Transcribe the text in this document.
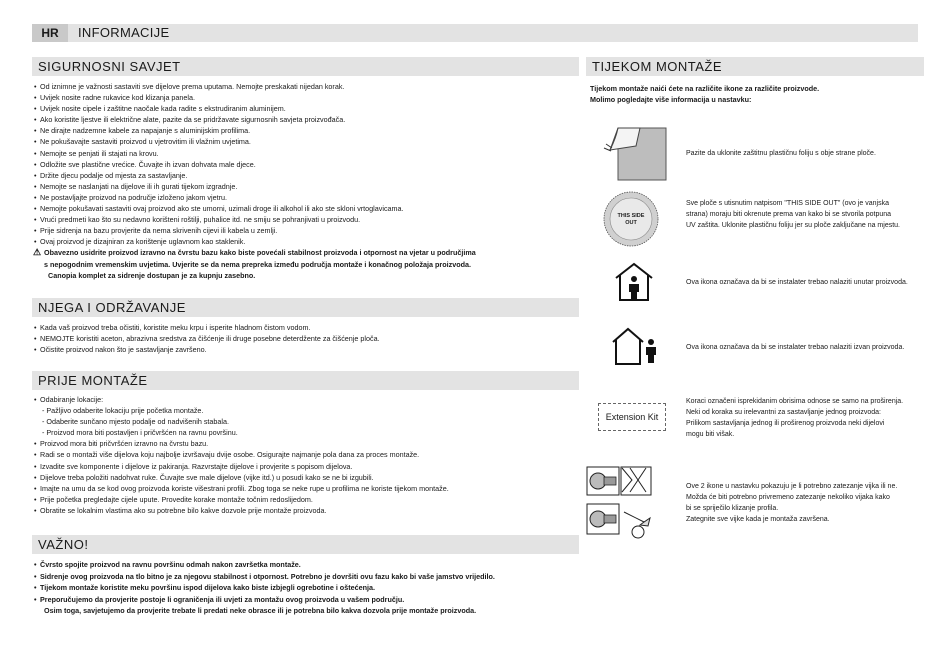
HR	INFORMACIJE
SIGURNOSNI SAVJET
• Od iznimne je važnosti sastaviti sve dijelove prema uputama. Nemojte preskakati nijedan korak.
• Uvijek nosite radne rukavice kod klizanja panela.
• Uvijek nosite cipele i zaštitne naočale kada radite s ekstrudiranim aluminijem.
• Ako koristite ljestve ili električne alate, pazite da se pridržavate sigurnosnih savjeta proizvođača.
• Ne dirajte nadzemne kabele za napajanje s aluminijskim profilima.
• Ne pokušavajte sastaviti proizvod u vjetrovitim ili vlažnim uvjetima.
• Nemojte se penjati ili stajati na krovu.
• Odložite sve plastične vrećice. Čuvajte ih izvan dohvata male djece.
• Držite djecu podalje od mjesta za sastavljanje.
• Nemojte se naslanjati na dijelove ili ih gurati tijekom izgradnje.
• Ne postavljajte proizvod na područje izloženo jakom vjetru.
• Nemojte pokušavati sastaviti ovaj proizvod ako ste umorni, uzimali droge ili alkohol ili ako ste skloni vrtoglavicama.
• Vrući predmeti kao što su nedavno korišteni roštilji, puhalice itd. ne smiju se pohranjivati u proizvodu.
• Prije sidrenja na bazu provjerite da nema skrivenih cijevi ili kabela u zemlji.
• Ovaj proizvod je dizajniran za korištenje uglavnom kao staklenik.
⚠ Obavezno usidrite proizvod izravno na čvrstu bazu kako biste povećali stabilnost proizvoda i otpornost na vjetar u područjima
s nepogodnim vremenskim uvjetima. Uvjerite se da nema prepreka između područja montaže i konačnog položaja proizvoda.
Canopia komplet za sidrenje dostupan je za kupnju zasebno.
NJEGA I ODRŽAVANJE
• Kada vaš proizvod treba očistiti, koristite meku krpu i isperite hladnom čistom vodom.
• NEMOJTE koristiti aceton, abrazivna sredstva za čišćenje ili druge posebne deterdžente za čišćenje ploča.
• Očistite proizvod nakon što je sastavljanje završeno.
PRIJE MONTAŽE
• Odabiranje lokacije:
- Pažljivo odaberite lokaciju prije početka montaže.
- Odaberite sunčano mjesto podalje od nadvišenih stabala.
- Proizvod mora biti postavljen i pričvršćen na ravnu površinu.
• Proizvod mora biti pričvršćen izravno na čvrstu bazu.
• Radi se o montaži više dijelova koju najbolje izvršavaju dvije osobe. Osigurajte najmanje pola dana za proces montaže.
• Izvadite sve komponente i dijelove iz pakiranja. Razvrstajte dijelove i provjerite s popisom dijelova.
• Dijelove treba položiti nadohvat ruke. Čuvajte sve male dijelove (vijke itd.) u posudi kako se ne bi izgubili.
• Imajte na umu da se kod ovog proizvoda koriste višestrani profili. Zbog toga se neke rupe u profilima ne koriste tijekom montaže.
• Prije početka pregledajte cijele upute. Provedite korake montaže točnim redoslijedom.
• Obratite se lokalnim vlastima ako su potrebne bilo kakve dozvole prije montaže proizvoda.
VAŽNO!
• Čvrsto spojite proizvod na ravnu površinu odmah nakon završetka montaže.
• Sidrenje ovog proizvoda na tlo bitno je za njegovu stabilnost i otpornost. Potrebno je dovršiti ovu fazu kako bi vaše jamstvo vrijedilo.
• Tijekom montaže koristite meku površinu ispod dijelova kako biste izbjegli ogrebotine i oštećenja.
• Preporučujemo da provjerite postoje li ograničenja ili uvjeti za montažu ovog proizvoda u vašem području.
Osim toga, savjetujemo da provjerite trebate li predati neke obrasce ili je potrebna bilo kakva dozvola prije montaže proizvoda.
TIJEKOM MONTAŽE
Tijekom montaže naići ćete na različite ikone za različite proizvode.
Molimo pogledajte više informacija u nastavku:
Pazite da uklonite zaštitnu plastičnu foliju s obje strane ploče.
THIS SIDE
OUT
Sve ploče s utisnutim natpisom "THIS SIDE OUT" (ovo je vanjska
strana) moraju biti okrenute prema van kako bi se stvorila potpuna
UV zaštita. Uklonite plastičnu foliju jer su ploče zaključane na mjestu.
Ova ikona označava da bi se instalater trebao nalaziti unutar proizvoda.
Ova ikona označava da bi se instalater trebao nalaziti izvan proizvoda.
Extension Kit
Koraci označeni isprekidanim obrisima odnose se samo na proširenja.
Neki od koraka su irelevantni za sastavljanje jednog proizvoda:
Prilikom sastavljanja jednog ili proširenog proizvoda neki dijelovi
mogu biti višak.
Ove 2 ikone u nastavku pokazuju je li potrebno zatezanje vijka ili ne.
Možda će biti potrebno privremeno zatezanje nekoliko vijaka kako
bi se spriječilo klizanje profila.
Zategnite sve vijke kada je montaža završena.
